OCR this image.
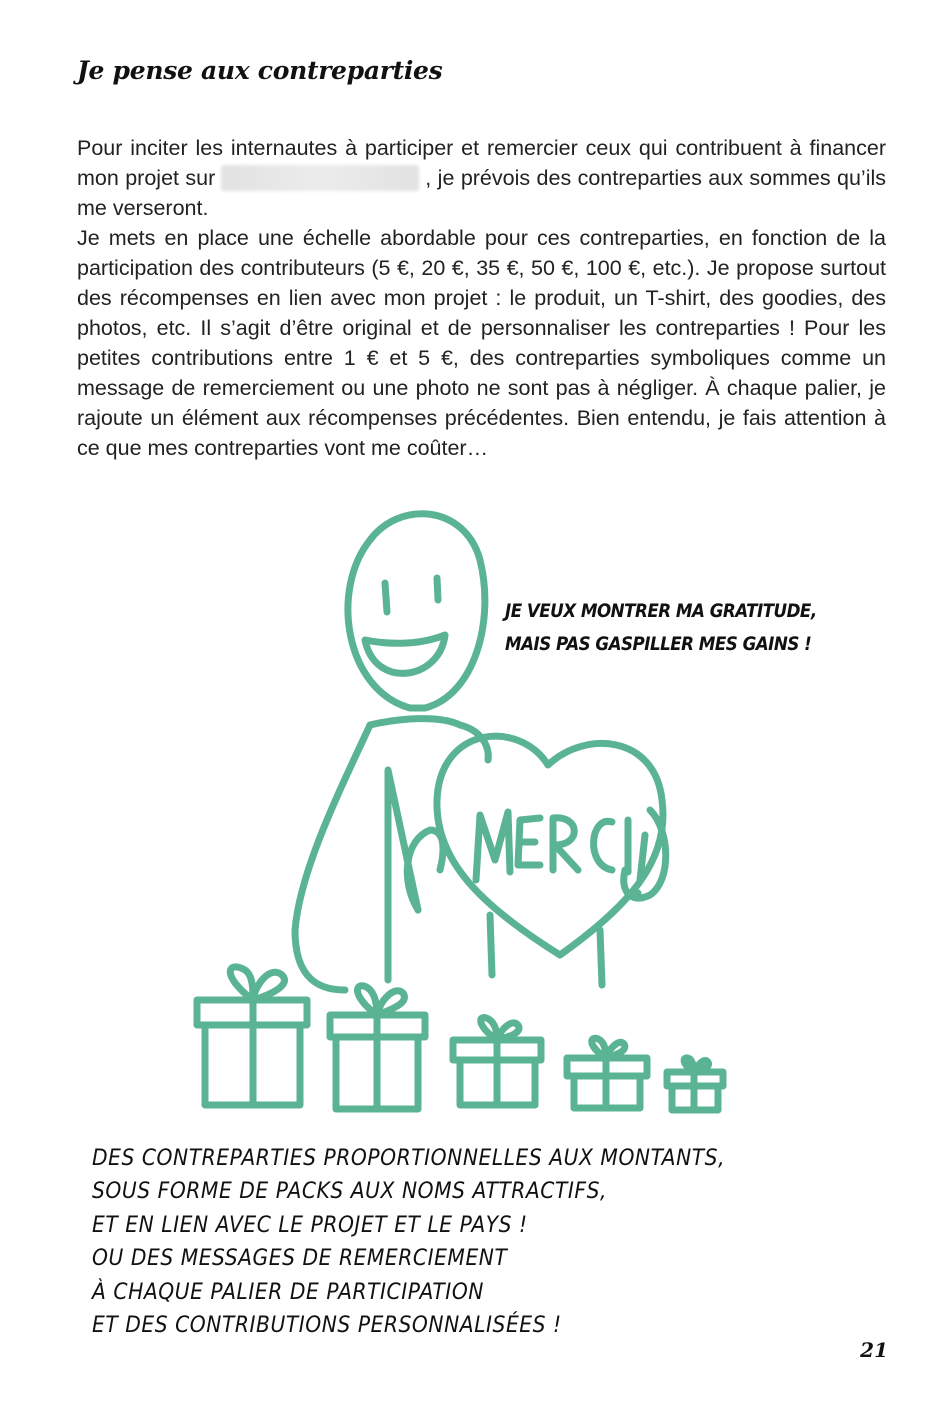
Je pense aux contreparties

Pour inciter les internautes à participer et remercier ceux qui contribuent à financer mon projet sur	, je prévois des contreparties aux sommes qu’ils me verseront.

Je mets en place une échelle abordable pour ces contreparties, en fonction de la participation des contributeurs (5 €, 20 €, 35 €, 50 €, 100 €, etc.). Je propose surtout des récompenses en lien avec mon projet : le produit, un T-shirt, des goodies, des photos, etc. Il s’agit d’être original et de personnaliser les contreparties ! Pour les petites contributions entre 1 € et 5 €, des contreparties symboliques comme un message de remerciement ou une photo ne sont pas à négliger. À chaque palier, je rajoute un élément aux récompenses précédentes. Bien entendu, je fais attention à ce que mes contreparties vont me coûter…

JE VEUX MONTRER MA GRATITUDE,
MAIS PAS GASPILLER MES GAINS !
DES CONTREPARTIES PROPORTIONNELLES AUX MONTANTS,
SOUS FORME DE PACKS AUX NOMS ATTRACTIFS,
ET EN LIEN AVEC LE PROJET ET LE PAYS !
OU DES MESSAGES DE REMERCIEMENT
À CHAQUE PALIER DE PARTICIPATION
ET DES CONTRIBUTIONS PERSONNALISÉES !
21
